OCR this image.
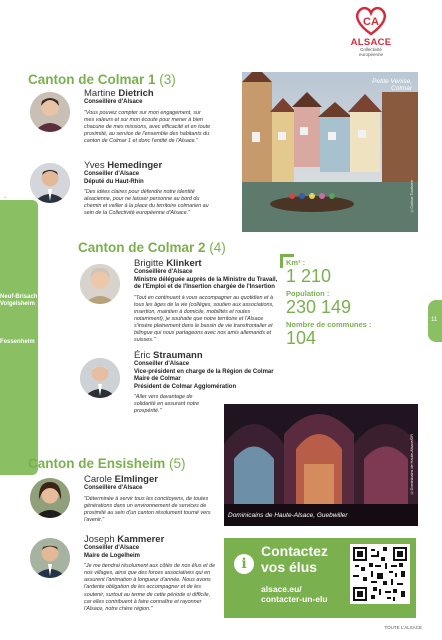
CA
ALSACE
Collectivité
européenne
Neuf-Brisach
Volgelsheim
Fessenheim
11
Canton de Colmar 1 (3)
Martine Dietrich
Conseillère d'Alsace
"Vous pouvez compter sur mon engagement, sur mes valeurs et sur mon écoute pour mener à bien chacune de mes missions, avec efficacité et en toute proximité, au service de l'ensemble des habitants du canton de Colmar 1 et donc l'entité de l'Alsace."
Yves Hemedinger
Conseiller d'Alsace
Député du Haut-Rhin
"Des idées claires pour défendre notre identité alsacienne, pour ne laisser personne au bord du chemin et veiller à la place du territoire colmarien au sein de la Collectivité européenne d'Alsace."
Petite Venise,
Colmar
©Colmar Tourisme
Canton de Colmar 2 (4)
Brigitte Klinkert
Conseillère d'Alsace
Ministre déléguée auprès de la Ministre du Travail,
de l'Emploi et de l'Insertion chargée de l'Insertion
"Tout en continuant à vous accompagner au quotidien et à tous les âges de la vie (collèges, soutien aux associations, insertion, maintien à domicile, mobilités et routes notamment), je souhaite que notre territoire et l'Alsace s'insère pleinement dans le bassin de vie transfrontalier et bilingue qui nous partageons avec nos amis allemands et suisses."
Éric Straumann
Conseiller d'Alsace
Vice-président en charge de la Région de Colmar
Maire de Colmar
Président de Colmar Agglomération
"Aller vers davantage de solidarité en assurant notre prospérité."
Km² :
1 210
Population :
230 149
Nombre de communes :
104
Dominicains de Haute-Alsace, Guebwiller
©Dominicains de Haute-Alsace/DR
Canton de Ensisheim (5)
Carole Elmlinger
Conseillère d'Alsace
"Déterminée à servir tous les concitoyens, de toutes générations dans un environnement de services de proximité au sein d'un canton résolument tourné vers l'avenir."
Joseph Kammerer
Conseiller d'Alsace
Maire de Logelheim
"Je me tiendrai résolument aux côtés de nos élus et de nos villages, ainsi que des forces associatives qui en assurent l'animation à longueur d'année. Nous avons l'ardente obligation de les accompagner et de les soutenir, surtout au terme de cette période si difficile, car elles contribuent à faire connaître et rayonner l'Alsace, notre chère région."
i
Contactez
vos élus
alsace.eu/
contacter-un-elu
TOUTE L'ALSACE
